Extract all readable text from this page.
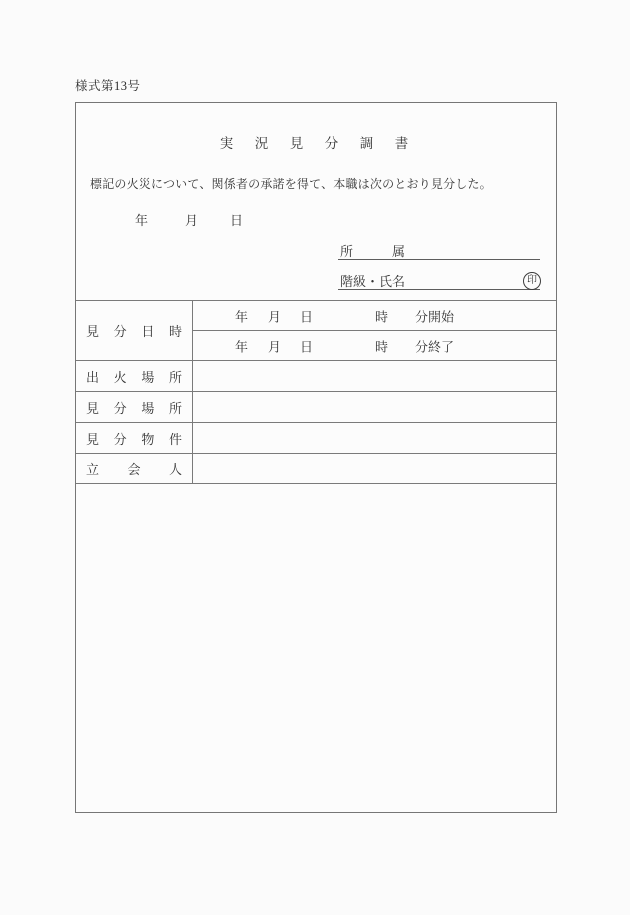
様式第13号
実　況　見　分　調　書

標記の火災について、関係者の承諾を得て、本職は次のとおり見分した。

年	月 日
所　　　属
階級・氏名	印
見分日時	年 月 日 時 分開始

	年 月 日 時 分終了

出火場所	
見分場所	
見分物件	
立会人	
